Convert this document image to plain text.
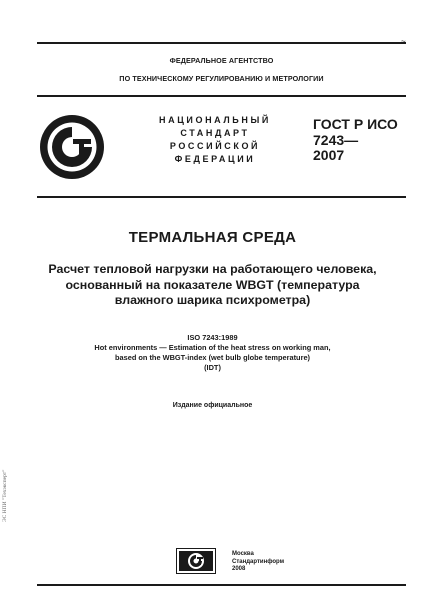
~
ФЕДЕРАЛЬНОЕ АГЕНТСТВО
ПО ТЕХНИЧЕСКОМУ РЕГУЛИРОВАНИЮ И МЕТРОЛОГИИ
НАЦИОНАЛЬНЫЙ
СТАНДАРТ
РОССИЙСКОЙ
ФЕДЕРАЦИИ
ГОСТ Р ИСО
7243—
2007
ТЕРМАЛЬНАЯ СРЕДА
Расчет тепловой нагрузки на работающего человека,
основанный на показателе WBGT (температура
влажного шарика психрометра)
ISO 7243:1989
Hot environments — Estimation of the heat stress on working man,
based on the WBGT-index (wet bulb globe temperature)
(IDT)
Издание официальное
ЭС НПИ "Техэксперт"
Москва
Стандартинформ
2008
